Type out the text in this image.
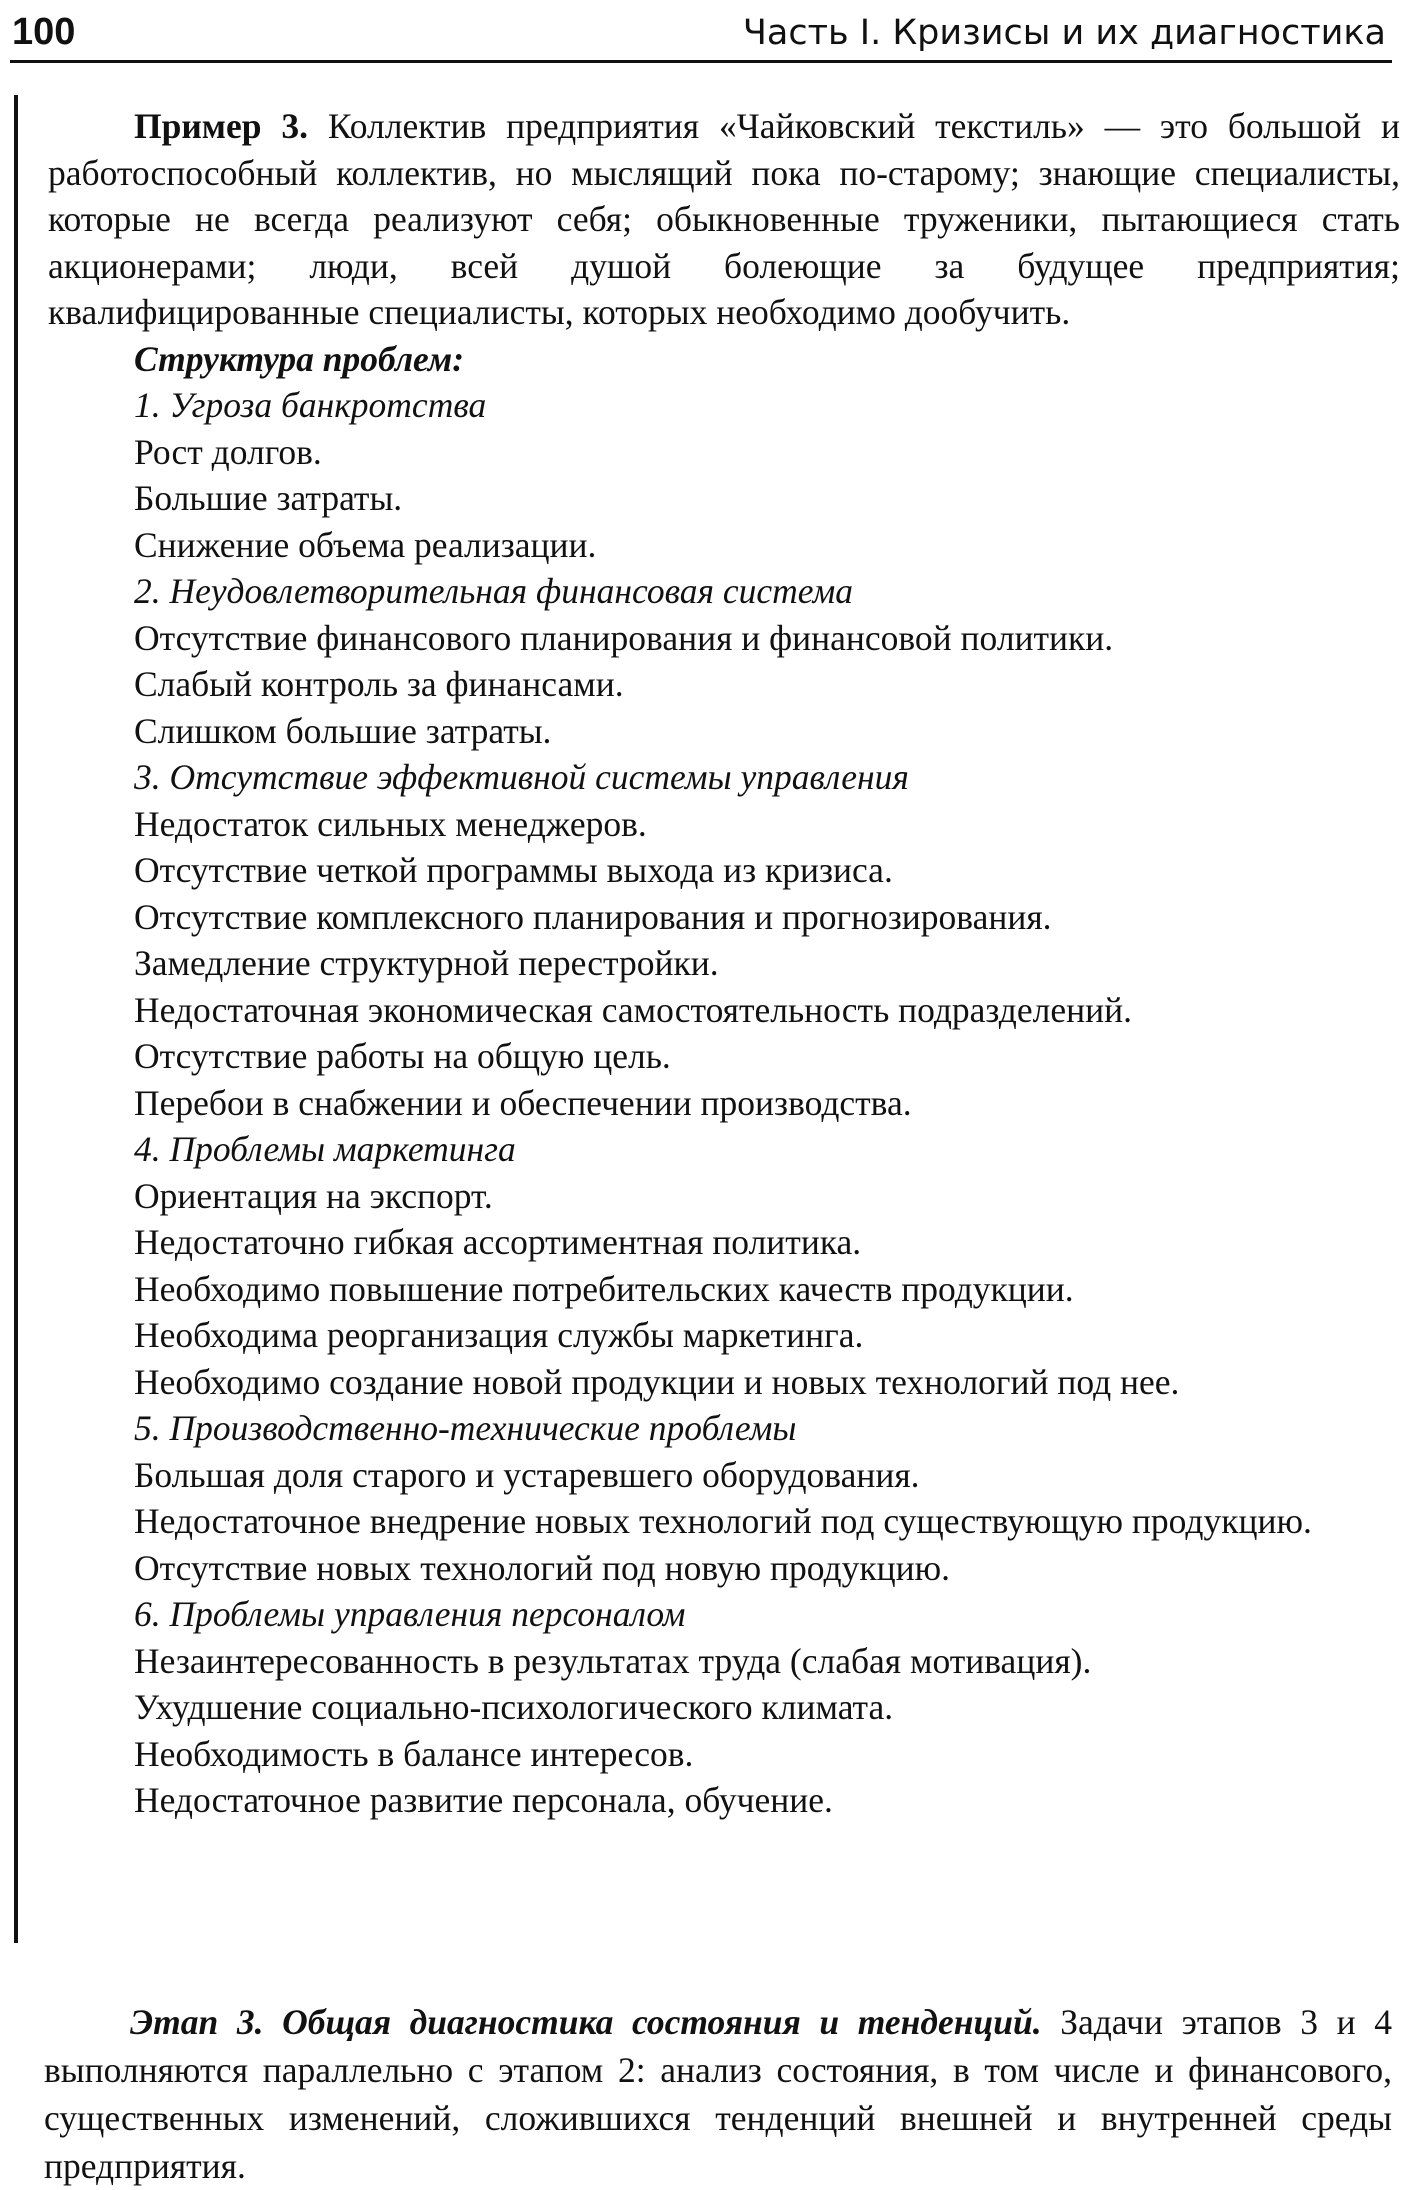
100	Часть I. Кризисы и их диагностика

Пример 3. Коллектив предприятия «Чайковский текстиль» — это большой и работоспособный коллектив, но мыслящий пока по-старому; знающие специалисты, которые не всегда реализуют себя; обыкновенные труженики, пытающиеся стать акционерами; люди, всей душой болеющие за будущее предприятия; квалифицированные специалисты, которых необходимо дообучить.

Структура проблем:

1. Угроза банкротства

Рост долгов.
Большие затраты.
Снижение объема реализации.

2. Неудовлетворительная финансовая система

Отсутствие финансового планирования и финансовой политики.
Слабый контроль за финансами.
Слишком большие затраты.

3. Отсутствие эффективной системы управления

Недостаток сильных менеджеров.
Отсутствие четкой программы выхода из кризиса.
Отсутствие комплексного планирования и прогнозирования.
Замедление структурной перестройки.
Недостаточная экономическая самостоятельность подразделений.
Отсутствие работы на общую цель.
Перебои в снабжении и обеспечении производства.

4. Проблемы маркетинга

Ориентация на экспорт.
Недостаточно гибкая ассортиментная политика.
Необходимо повышение потребительских качеств продукции.
Необходима реорганизация службы маркетинга.
Необходимо создание новой продукции и новых технологий под нее.

5. Производственно-технические проблемы

Большая доля старого и устаревшего оборудования.
Недостаточное внедрение новых технологий под существующую продукцию.
Отсутствие новых технологий под новую продукцию.

6. Проблемы управления персоналом

Незаинтересованность в результатах труда (слабая мотивация).
Ухудшение социально-психологического климата.
Необходимость в балансе интересов.
Недостаточное развитие персонала, обучение.

Этап 3. Общая диагностика состояния и тенденций. Задачи этапов 3 и 4 выполняются параллельно с этапом 2: анализ состояния, в том числе и финансового, существенных изменений, сложившихся тенденций внешней и внутренней среды предприятия.
